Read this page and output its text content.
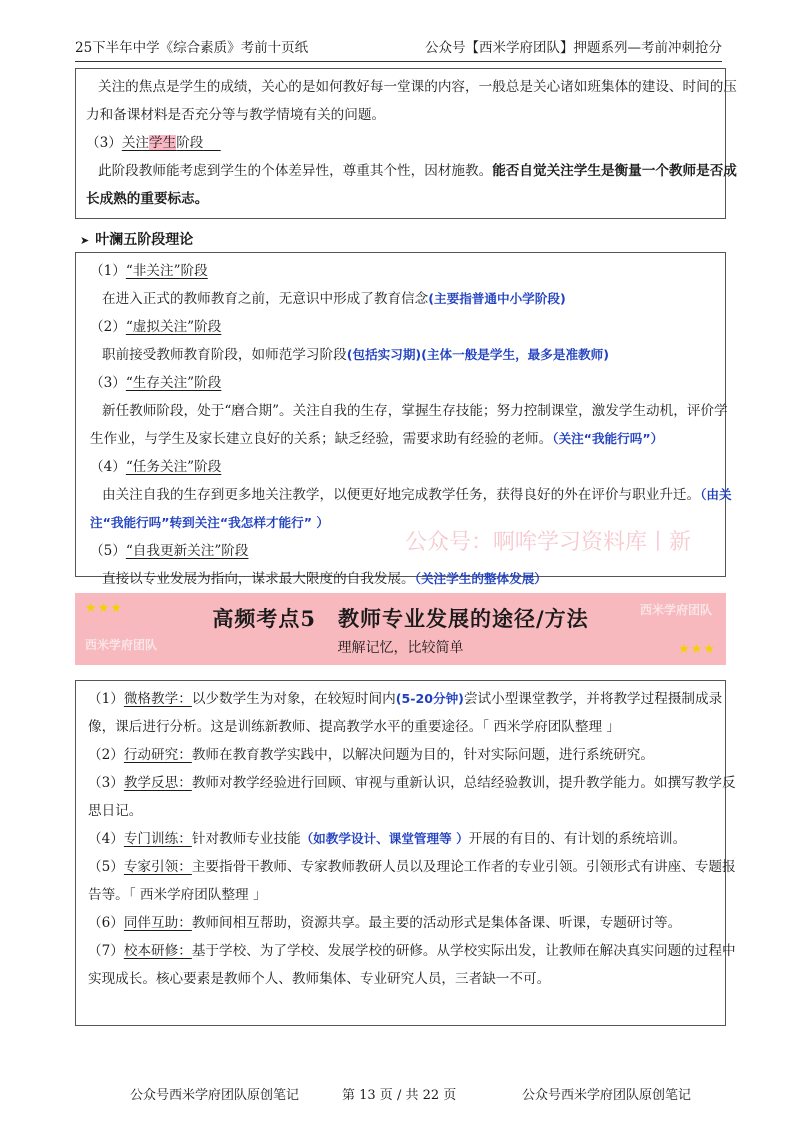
25下半年中学《综合素质》考前十页纸	公众号【西米学府团队】押题系列—考前冲刺抢分
关注的焦点是学生的成绩，关心的是如何教好每一堂课的内容，一般总是关心诸如班集体的建设、时间的压
力和备课材料是否充分等与教学情境有关的问题。
（3）关注学生阶段
此阶段教师能考虑到学生的个体差异性，尊重其个性，因材施教。能否自觉关注学生是衡量一个教师是否成
长成熟的重要标志。
➤ 叶澜五阶段理论
（1）“非关注”阶段
在进入正式的教师教育之前，无意识中形成了教育信念(主要指普通中小学阶段)
（2）“虚拟关注”阶段
职前接受教师教育阶段，如师范学习阶段(包括实习期)(主体一般是学生，最多是准教师)
（3）“生存关注”阶段
新任教师阶段，处于“磨合期”。关注自我的生存，掌握生存技能；努力控制课堂，激发学生动机，评价学
生作业，与学生及家长建立良好的关系；缺乏经验，需要求助有经验的老师。（关注“我能行吗”）
（4）“任务关注”阶段
由关注自我的生存到更多地关注教学，以便更好地完成教学任务，获得良好的外在评价与职业升迁。（由关
注“我能行吗”转到关注“我怎样才能行” ）
（5）“自我更新关注”阶段
直接以专业发展为指向，谋求最大限度的自我发展。（关注学生的整体发展）
公众号：啊哞学习资料库丨新
★★★	西米学府团队
高频考点5　教师专业发展的途径/方法
理解记忆，比较简单
西米学府团队	★★★
（1）微格教学：以少数学生为对象，在较短时间内(5-20分钟)尝试小型课堂教学，并将教学过程摄制成录
像，课后进行分析。这是训练新教师、提高教学水平的重要途径。「 西米学府团队整理 」
（2）行动研究：教师在教育教学实践中，以解决问题为目的，针对实际问题，进行系统研究。
（3）教学反思：教师对教学经验进行回顾、审视与重新认识，总结经验教训，提升教学能力。如撰写教学反
思日记。
（4）专门训练：针对教师专业技能（如教学设计、课堂管理等 ）开展的有目的、有计划的系统培训。
（5）专家引领：主要指骨干教师、专家教师教研人员以及理论工作者的专业引领。引领形式有讲座、专题报
告等。「 西米学府团队整理 」
（6）同伴互助：教师间相互帮助，资源共享。最主要的活动形式是集体备课、听课，专题研讨等。
（7）校本研修：基于学校、为了学校、发展学校的研修。从学校实际出发，让教师在解决真实问题的过程中
实现成长。核心要素是教师个人、教师集体、专业研究人员，三者缺一不可。
公众号西米学府团队原创笔记	第 13 页 / 共 22 页	公众号西米学府团队原创笔记
